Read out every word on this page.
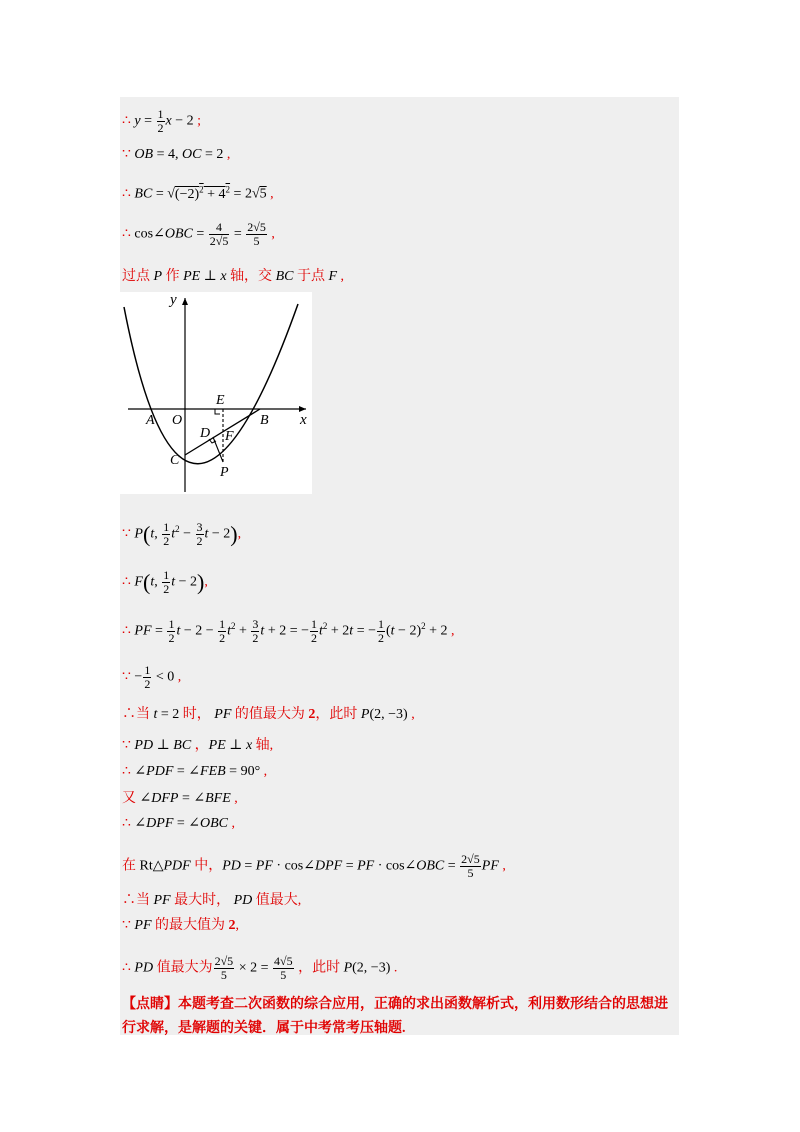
∴ $y = \frac{1}{2}$ x − 2 ;
∵ OB = 4, OC = 2 ,
∴ BC = $√(-2)^2 + 4^2 = 2√5$ ,
∴ cos∠OBC = $\frac{4}{2√5} = \frac{2√5}{5}$ ,
过点 P 作 PE ⊥ x 轴，交 BC 于点 F ,
y
x
A O
E
B
D F
C
P
∵ P(t, $\frac{1}{2} t^2 - \frac{3}{2}$ t − 2),
∴ F(t, $\frac{1}{2}$ t − 2),
∴ PF = $\frac{1}{2}$ $t - 2 - \frac{1}{2} t^2 + \frac{3}{2}$ t + 2 = − $\frac{1}{2} t^2 + 2t$ = − $\frac{1}{2} (t - 2)^2 + 2$ ,
∵ − $\frac{1}{2} < 0$ ,
∴当 t = 2 时， PF 的值最大为 2，此时 P(2, −3) ,
∵ PD ⊥ BC ，PE ⊥ x 轴,
∴ ∠PDF = ∠FEB = 90° ,
又 ∠DFP = ∠BFE ,
∴ ∠DPF = ∠OBC ,
在 Rt△PDF 中，PD = PF · cos∠DPF = PF · cos∠OBC = $\frac{2√5}{5}$ PF ,
∴当 PF 最大时， PD 值最大,
∵ PF 的最大值为 2,
∴ PD 值最大为 $\frac{2√5}{5} \times 2 = \frac{4√5}{5}$ ，此时 P(2, −3) .
【点睛】本题考查二次函数的综合应用，正确的求出函数解析式，利用数形结合的思想进
行求解，是解题的关键．属于中考常考压轴题.
